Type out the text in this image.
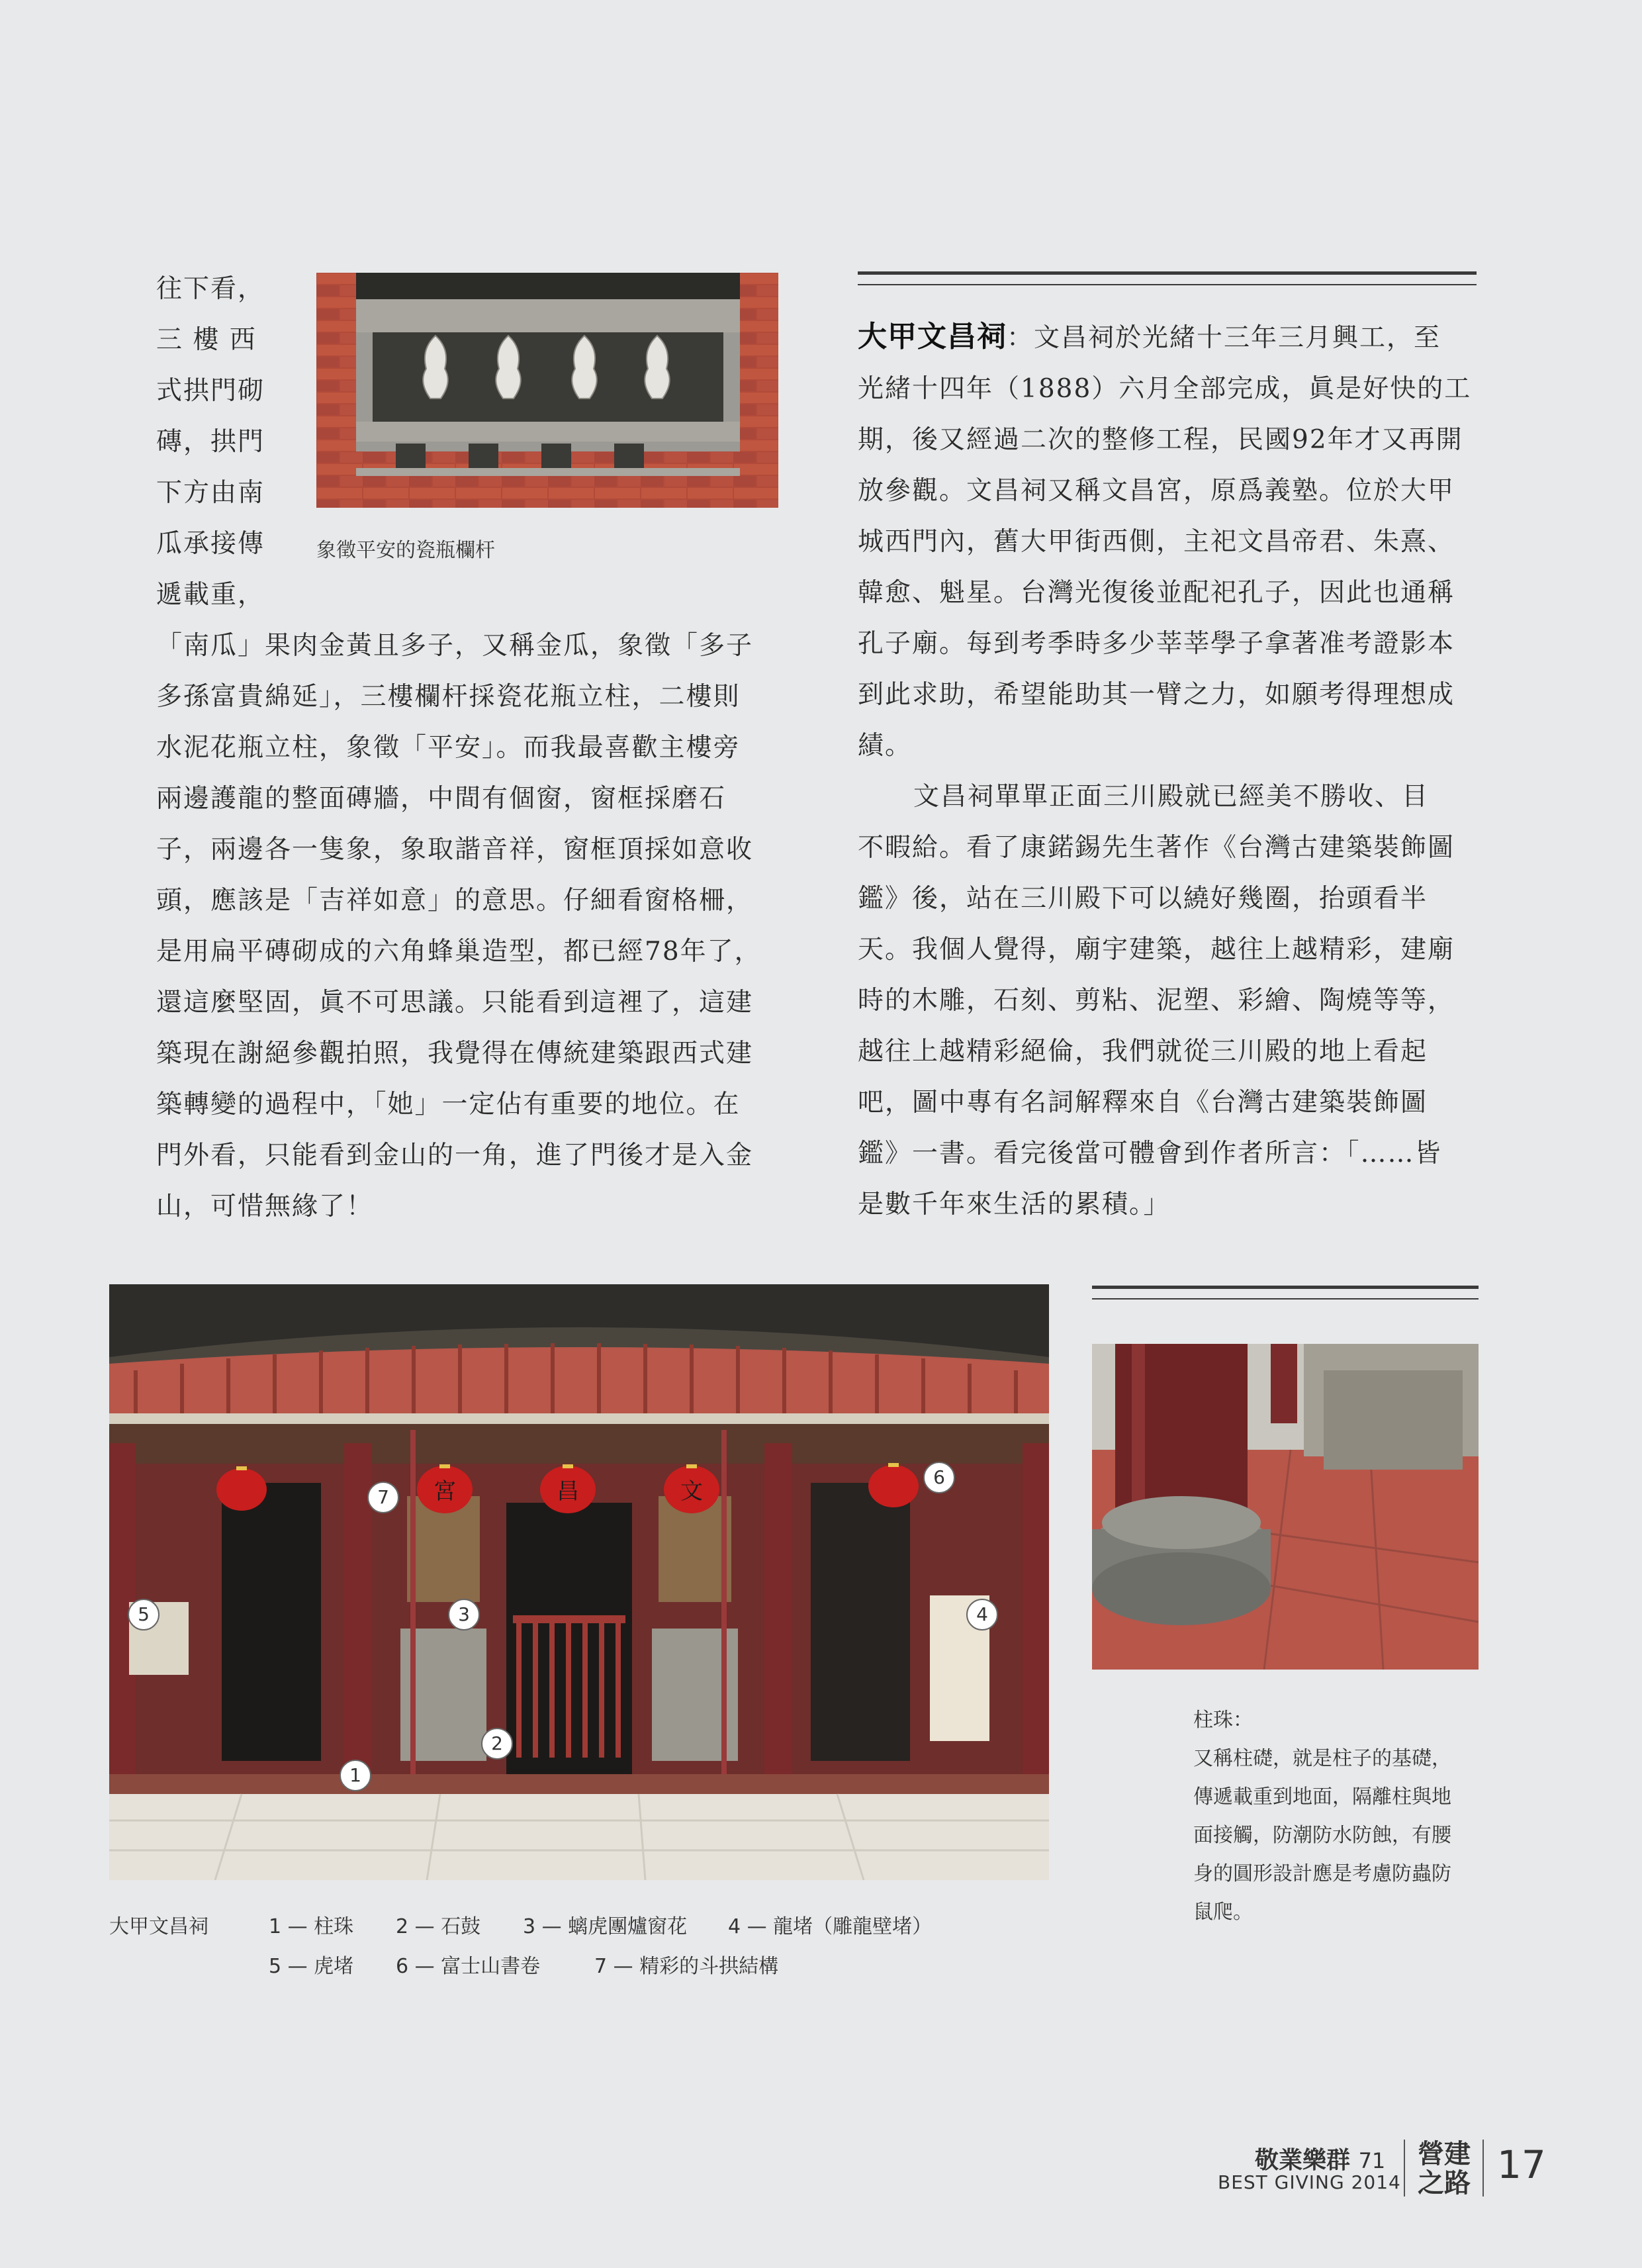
往下看，
三 樓 西
式拱門砌
磚，拱門
下方由南
瓜承接傳
遞載重，
象徵平安的瓷瓶欄杆
「南瓜」果肉金黃且多子，又稱金瓜，象徵「多子
多孫富貴綿延」，三樓欄杆採瓷花瓶立柱，二樓則
水泥花瓶立柱，象徵「平安」。而我最喜歡主樓旁
兩邊護龍的整面磚牆，中間有個窗，窗框採磨石
子，兩邊各一隻象，象取諧音祥，窗框頂採如意收
頭，應該是「吉祥如意」的意思。仔細看窗格柵，
是用扁平磚砌成的六角蜂巢造型，都已經78年了，
還這麼堅固，眞不可思議。只能看到這裡了，這建
築現在謝絕參觀拍照，我覺得在傳統建築跟西式建
築轉變的過程中，「她」一定佔有重要的地位。在
門外看，只能看到金山的一角，進了門後才是入金
山，可惜無緣了！
大甲文昌祠：文昌祠於光緒十三年三月興工，至
光緒十四年（1888）六月全部完成，眞是好快的工
期，後又經過二次的整修工程，民國92年才又再開
放參觀。文昌祠又稱文昌宮，原爲義塾。位於大甲
城西門內，舊大甲街西側，主祀文昌帝君、朱熹、
韓愈、魁星。台灣光復後並配祀孔子，因此也通稱
孔子廟。每到考季時多少莘莘學子拿著准考證影本
到此求助，希望能助其一臂之力，如願考得理想成
績。
文昌祠單單正面三川殿就已經美不勝收、目
不暇給。看了康鍩錫先生著作《台灣古建築裝飾圖
鑑》後，站在三川殿下可以繞好幾圈，抬頭看半
天。我個人覺得，廟宇建築，越往上越精彩，建廟
時的木雕，石刻、剪粘、泥塑、彩繪、陶燒等等，
越往上越精彩絕倫，我們就從三川殿的地上看起
吧，圖中專有名詞解釋來自《台灣古建築裝飾圖
鑑》一書。看完後當可體會到作者所言：「……皆
是數千年來生活的累積。」
宮	昌	文
1
2
3	4
5
6
7
大甲文昌祠	1 — 柱珠 2 — 石鼓 3 — 螭虎團爐窗花 4 — 龍堵（雕龍壁堵）
5 — 虎堵 6 — 富士山書卷	7 — 精彩的斗拱結構
柱珠：
又稱柱礎，就是柱子的基礎，
傳遞載重到地面，隔離柱與地
面接觸，防潮防水防蝕，有腰
身的圓形設計應是考慮防蟲防
鼠爬。
敬業樂群 71
BEST GIVING 2014
營建
之路 17
